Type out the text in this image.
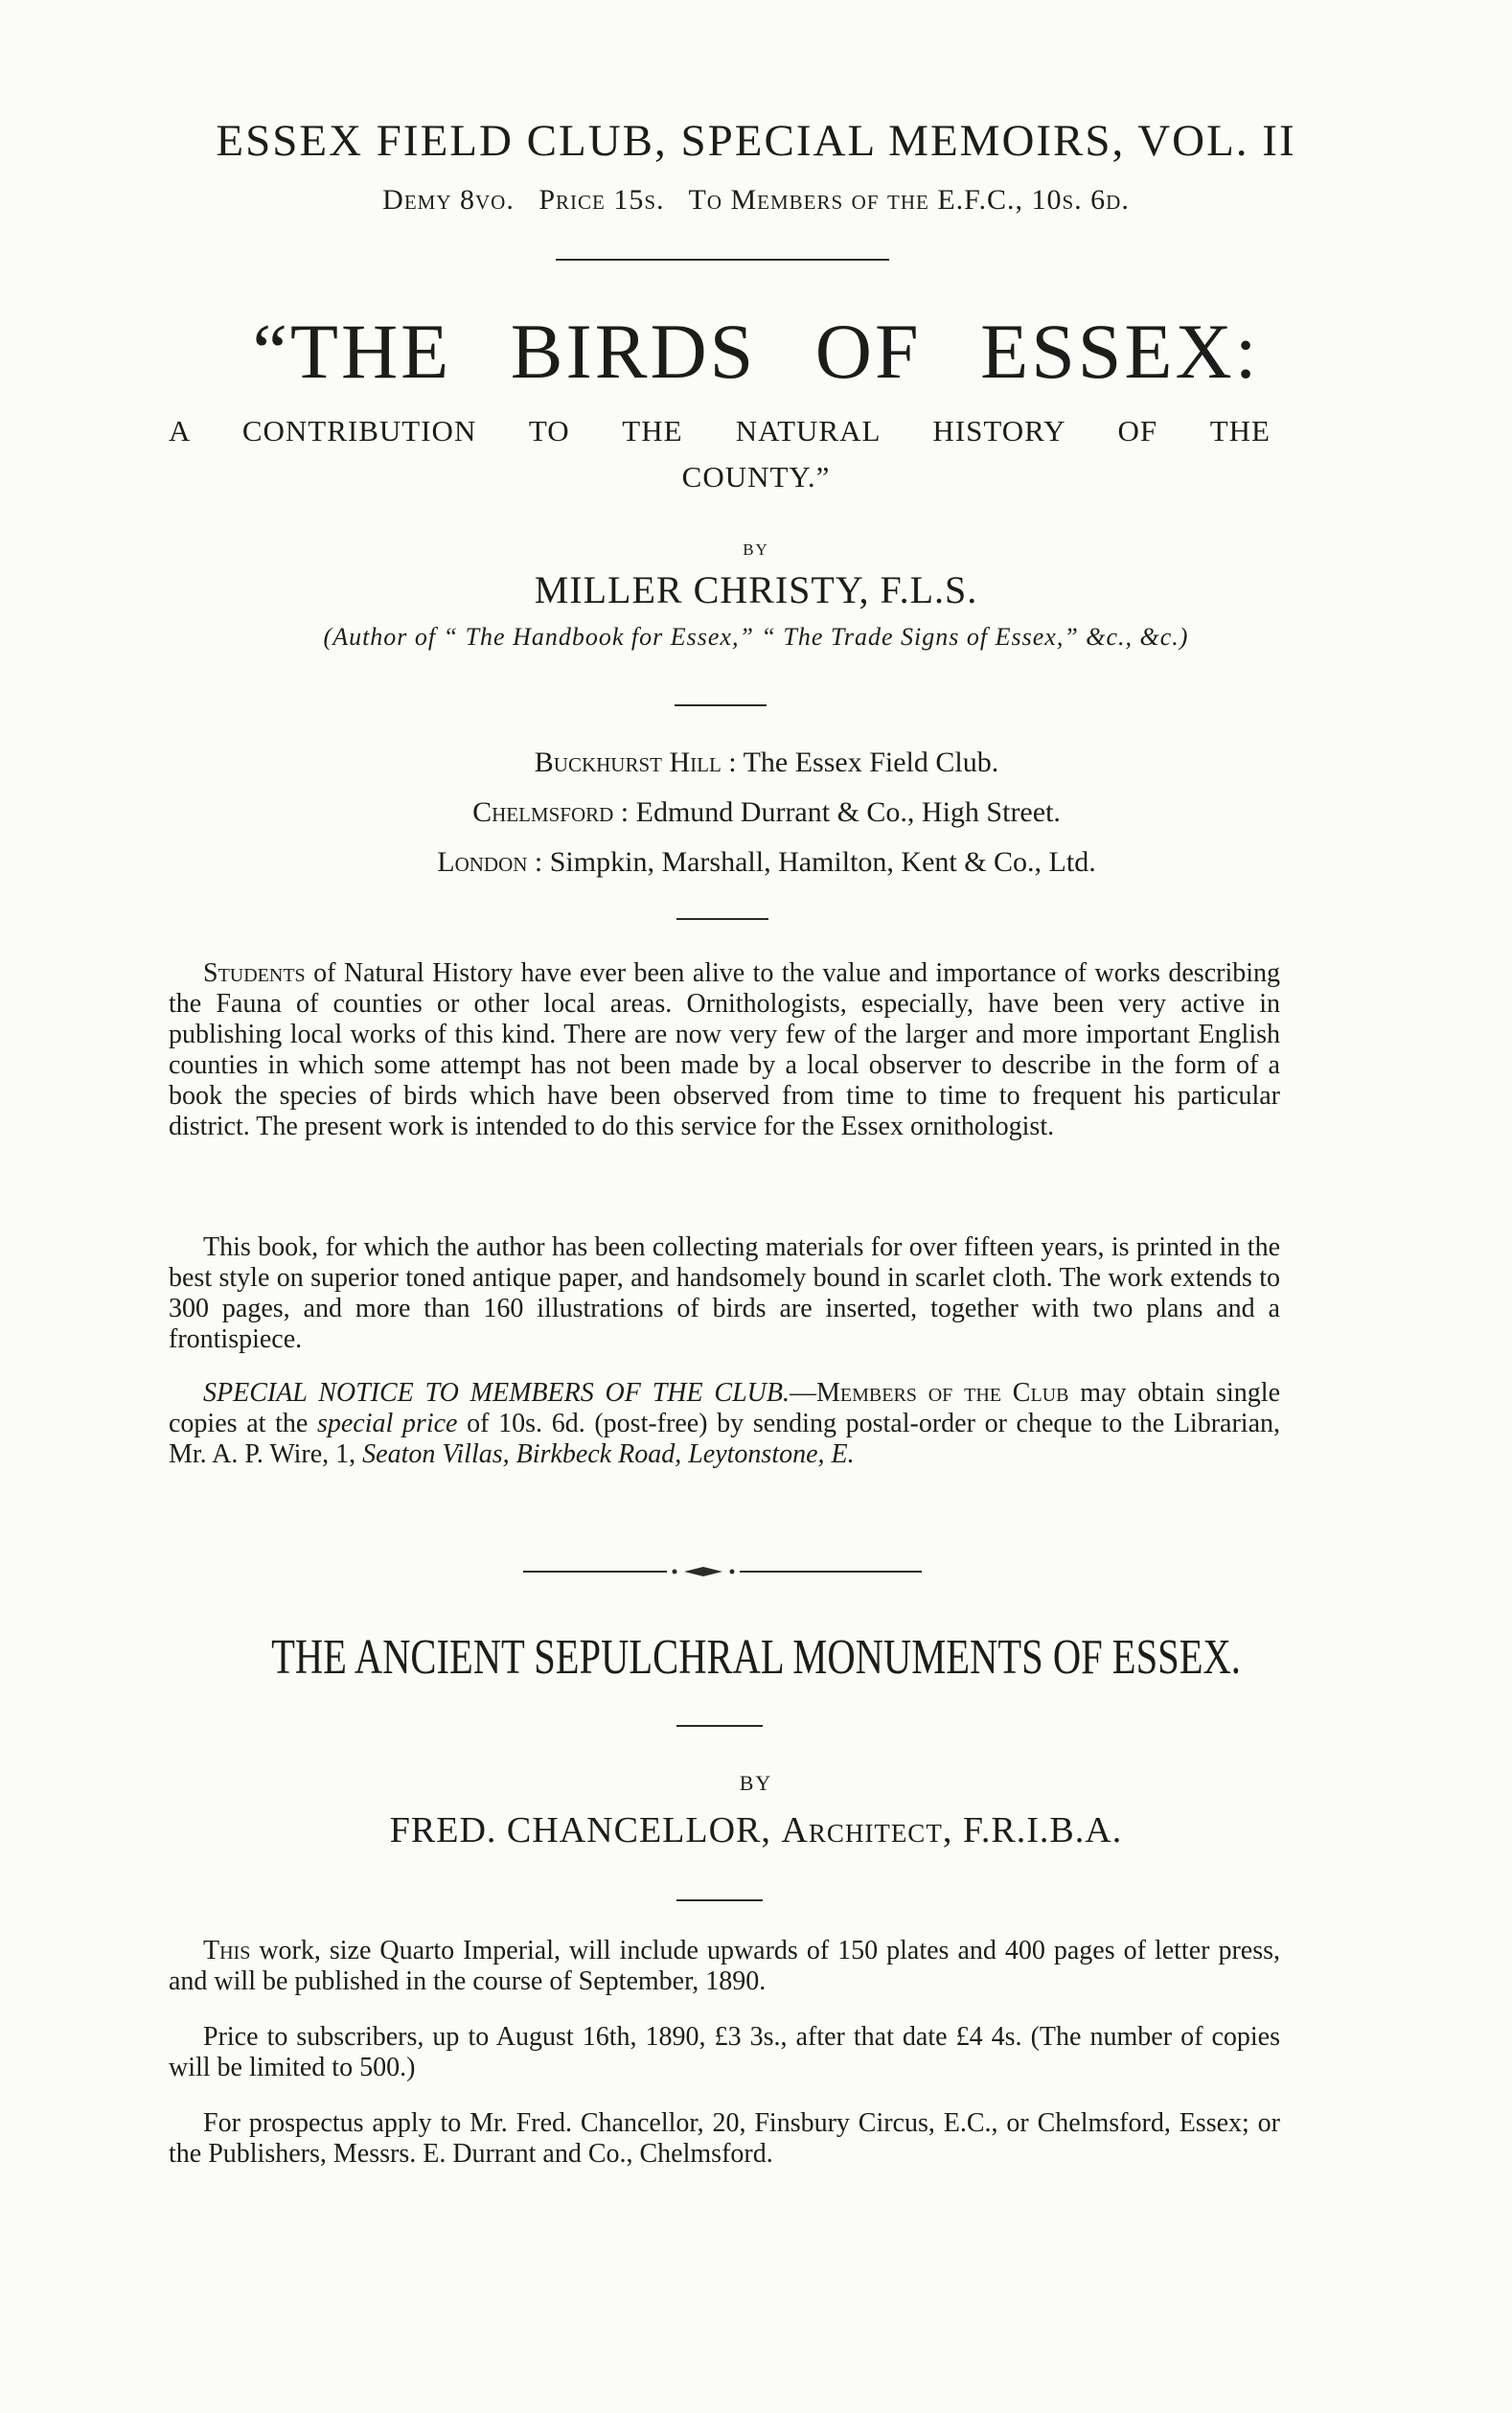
ESSEX FIELD CLUB, SPECIAL MEMOIRS, VOL. II
Demy 8vo. Price 15s. To Members of the E.F.C., 10s. 6d.
“THE BIRDS OF ESSEX:
A CONTRIBUTION TO THE NATURAL HISTORY OF THE
COUNTY.”
BY
MILLER CHRISTY, F.L.S.
(Author of “ The Handbook for Essex,” “ The Trade Signs of Essex,” &c., &c.)
Buckhurst Hill : The Essex Field Club.
Chelmsford : Edmund Durrant & Co., High Street.
London : Simpkin, Marshall, Hamilton, Kent & Co., Ltd.
Students of Natural History have ever been alive to the value and importance of works describing the Fauna of counties or other local areas. Ornithologists, especially, have been very active in publishing local works of this kind. There are now very few of the larger and more important English counties in which some attempt has not been made by a local observer to describe in the form of a book the species of birds which have been observed from time to time to frequent his particular district. The present work is intended to do this service for the Essex ornithologist.
This book, for which the author has been collecting materials for over fifteen years, is printed in the best style on superior toned antique paper, and handsomely bound in scarlet cloth. The work extends to 300 pages, and more than 160 illustrations of birds are inserted, together with two plans and a frontispiece.
SPECIAL NOTICE TO MEMBERS OF THE CLUB.—Members of the Club may obtain single copies at the special price of 10s. 6d. (post-free) by sending postal-order or cheque to the Librarian, Mr. A. P. Wire, 1, Seaton Villas, Birkbeck Road, Leytonstone, E.
THE ANCIENT SEPULCHRAL MONUMENTS OF ESSEX.
BY
FRED. CHANCELLOR, Architect, F.R.I.B.A.
This work, size Quarto Imperial, will include upwards of 150 plates and 400 pages of letter press, and will be published in the course of September, 1890.
Price to subscribers, up to August 16th, 1890, £3 3s., after that date £4 4s. (The number of copies will be limited to 500.)
For prospectus apply to Mr. Fred. Chancellor, 20, Finsbury Circus, E.C., or Chelmsford, Essex; or the Publishers, Messrs. E. Durrant and Co., Chelmsford.
